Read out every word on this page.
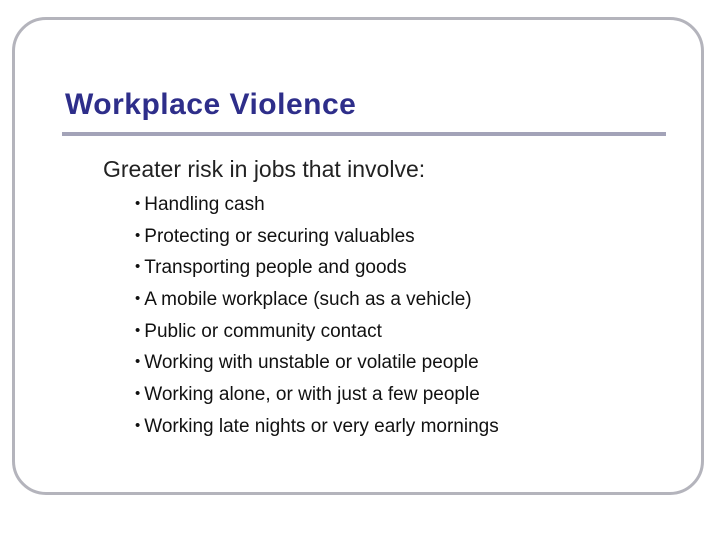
Workplace Violence
Greater risk in jobs that involve:
• Handling cash
• Protecting or securing valuables
• Transporting people and goods
• A mobile workplace (such as a vehicle)
• Public or community contact
• Working with unstable or volatile people
• Working alone, or with just a few people
• Working late nights or very early mornings
